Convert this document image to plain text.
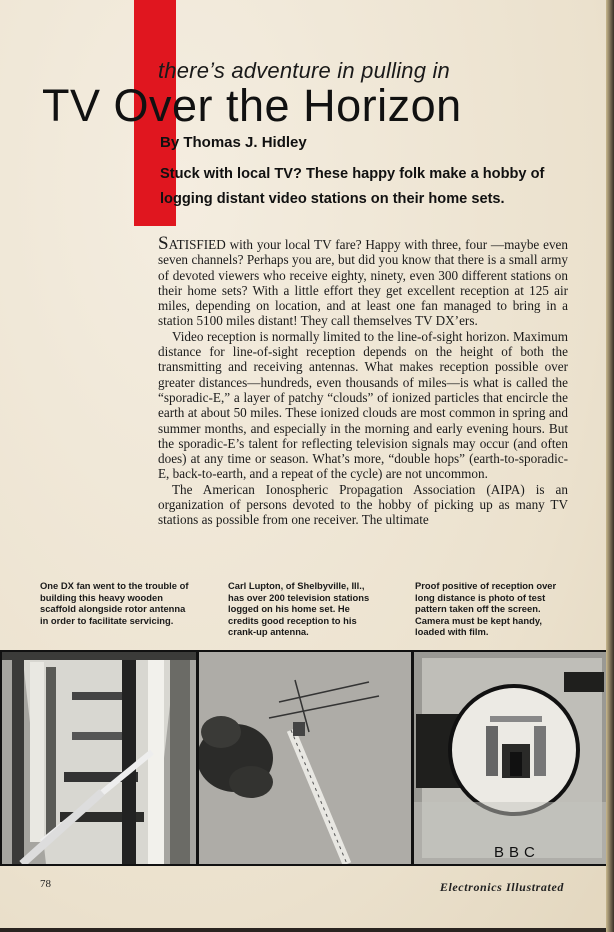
there’s adventure in pulling in
TV Over the Horizon
By Thomas J. Hidley
Stuck with local TV? These happy folk make a hobby of logging distant video stations on their home sets.

SATISFIED with your local TV fare? Happy with three, four —maybe even seven channels? Perhaps you are, but did you know that there is a small army of devoted viewers who receive eighty, ninety, even 300 different stations on their home sets? With a little effort they get excellent reception at 125 air miles, depending on location, and at least one fan managed to bring in a station 5100 miles distant! They call themselves TV DX’ers.

Video reception is normally limited to the line-of-sight horizon. Maximum distance for line-of-sight reception depends on the height of both the transmitting and receiving antennas. What makes reception possible over greater distances—hundreds, even thousands of miles—is what is called the “sporadic-E,” a layer of patchy “clouds” of ionized particles that encircle the earth at about 50 miles. These ionized clouds are most common in spring and summer months, and especially in the morning and early evening hours. But the sporadic-E’s talent for reflecting television signals may occur (and often does) at any time or season. What’s more, “double hops” (earth-to-sporadic-E, back-to-earth, and a repeat of the cycle) are not uncommon.

The American Ionospheric Propagation Association (AIPA) is an organization of persons devoted to the hobby of picking up as many TV stations as possible from one receiver. The ultimate

One DX fan went to the trouble of building this heavy wooden scaffold alongside rotor antenna in order to facilitate servicing.
Carl Lupton, of Shelbyville, Ill., has over 200 television stations logged on his home set. He credits good reception to his crank-up antenna.
Proof positive of reception over long distance is photo of test pattern taken off the screen. Camera must be kept handy, loaded with film.
BBC
78	Electronics Illustrated
